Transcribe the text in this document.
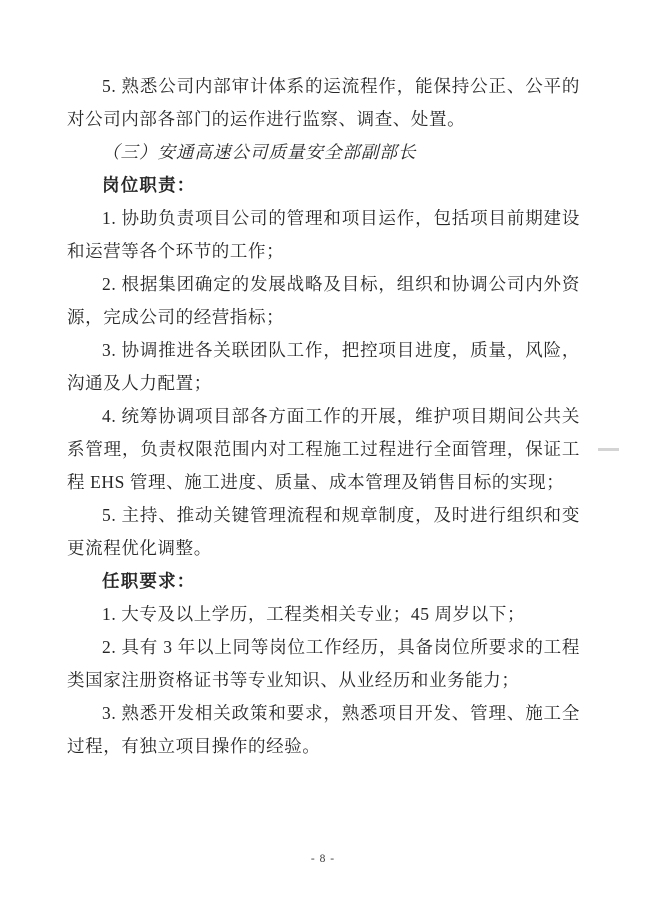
5. 熟悉公司内部审计体系的运流程作，能保持公正、公平的对公司内部各部门的运作进行监察、调查、处置。

（三）安通高速公司质量安全部副部长

岗位职责：

1. 协助负责项目公司的管理和项目运作，包括项目前期建设和运营等各个环节的工作；

2. 根据集团确定的发展战略及目标，组织和协调公司内外资源，完成公司的经营指标；

3. 协调推进各关联团队工作，把控项目进度，质量，风险，沟通及人力配置；

4. 统筹协调项目部各方面工作的开展，维护项目期间公共关系管理，负责权限范围内对工程施工过程进行全面管理，保证工程 EHS 管理、施工进度、质量、成本管理及销售目标的实现；

5. 主持、推动关键管理流程和规章制度，及时进行组织和变更流程优化调整。

任职要求：

1. 大专及以上学历，工程类相关专业；45 周岁以下；

2. 具有 3 年以上同等岗位工作经历，具备岗位所要求的工程类国家注册资格证书等专业知识、从业经历和业务能力；

3. 熟悉开发相关政策和要求，熟悉项目开发、管理、施工全过程，有独立项目操作的经验。

- 8 -
